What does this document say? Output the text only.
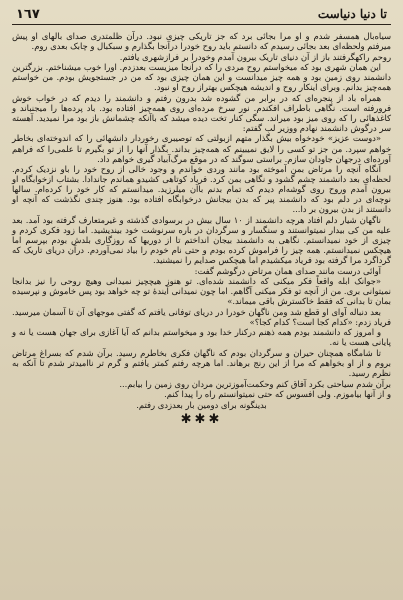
١٦٧	تا دنیا دنیاست

سیاه‌بال همسفر شدم و او مرا بجائی برد که جز تاریکی چیزی نبود. درآن ظلمتدری صدای بالهای او پیش میرفتم ولحظه‌ای بعد بجائی رسیدم که دانستم باید روح خودرا درآنجا بگذارم و سبکبال و چابک بعدی روم.

روحم راکهگرفتند باز از آن دنیای تاریک بیرون آمدم وخودرا بر فرازشهری یافتم.

این همان شهری بود که میخواستم روح مردی را که درآنجا میزیست بعدزدم. اورا خوب میشناختم. بزرگترین دانشمند روی زمین بود و همه چیز میدانست و این همان چیزی بود که من در جستجویش بودم. من خواستم همه‌چیز بدانم. وبرای اینکار روح و اندیشه هیچکس بهتراز روح او نبود.

همراه باد از پنجره‌ای که در برابر من گشوده شد بدرون رفتم و دانشمند را دیدم که در خواب خوش فرورفته است. نگاهی باطراف افکندم. نور سرخ مرده‌ای روی همه‌چیز افتاده بود. باد پرده‌ها را میجنباند و کاغذهائی را که روی میز بود میراند. سگی کنار تخت دیده میشد که باآنکه چشمانش باز بود مرا نمیدید. آهسته سر درگوش دانشمند نهادم ووزیر لب گفتم:

«دوست عزیز» خودخواه بیش بگذار متهم ازبولتی که توصیبری رخوردار دانشهائی را که اندوخته‌ای بخاطر خواهم سپرد. من جز تو کسی را لایق نمیبینم که همه‌چیز بداند. بگذار آنها را از تو بگیرم تا علمی‌را که فراهم آورده‌ای درجهان جاودان سازم. براستی سوگند که در موقع مرگ‌آبیاد گیری خواهم داد.

آنگاه آنچه را مرتاض بمن آموخته بود مانند وردی خواندم و وجود خالی از روح خود را باو نزدیک کردم. لحظه‌ای بعد دانشمند چشم گشود و نگاهی بمن کرد. فریاد کوتاهی کشیدو هماندم جاندادا. بشتاب ازخوابگاه او بیرون آمدم وروح روی گوشه‌ام دیدم که تمام بدنم باآن میلرزید. میدانستم که کار خود را کرده‌ام. سالها نوچه‌ای در دلم بود که دانشمند پیر که بدن بیجانش درخوابگاه افتاده بود. هنوز چندی نگذشت که آنچه او دانستند از بدن بیرون بر دا...

ناگهان شیار دلم افتاد هرچه دانشمند از ۱۰ سال بیش در برسوادی گذشته و غیرمتعارف گرفته بود آمد. بعد علیه من کی بیدار نمیتوانستند و سنگسار و سرگردان در باره سرنوشت خود بیندیشید. اما زود فکری کردم و چیزی از خود نمیدانستم. نگاهی به دانشمند بیجان انداختم تا از دوریها که روزگاری بلدش بودم بپرسم اما هیچکس نمیدانستم. همه چیز را فراموش کرده بودم و حتی نام خودم را بیاد نمی‌آوردم. درآن دریای تاریک که گرداگرد مرا گرفته بود فریاد میکشیدم اما هیچکس صدایم را نمیشنید.

آوائی درست مانند صدای همان مرتاض درگوشم گفت:

«جوانک ابله واقعاً فکر میکنی که دانشمند شده‌ای. تو هنوز هیچچیز نمیدانی وهیچ روحی را نیز بدانجا نمیتوانی بری. من از آنچه تو فکر میکنی آگاهم. اما چون نمیدانی آیندهٔ تو چه خواهد بود پس خاموش و نپرسیده بمان تا بدانی که فقط خاکسترش باقی میماند.»

بعد دنباله آوای او قطع شد ومن ناگهان خودرا در دریای توفانی یافتم که گفتی موجهای آن تا آسمان میرسید. فریاد زدم: «کدام کجا است؟ کدام کجا؟»

و امروز که دانشمند بودم همه ذهنم درکنار خدا بود و میخواستم بدانم که آیا آغازی برای جهان هست یا نه و پایانی هست یا نه.

تا شامگاه همچنان حیران و سرگردان بودم که ناگهان فکری بخاطرم رسید. برآن شدم که بسراغ مرتاض بروم و از او بخواهم که مرا از این رنج برهاند. اما هرچه رفتم کمتر یافتم و گرم تر ناامیدتر شدم تا آنکه به نظرم رسید.

برآن شدم سیاحتی بکرد آفاق کنم وحکمت‌آموزترین مردان روی زمین را بیابم...

و از آنها بیاموزم. ولی افسوس که حتی نمیتوانستم راه را پیدا کنم.

بدینگونه برای دومین بار بعدزدی رفتم.

✱✱✱
